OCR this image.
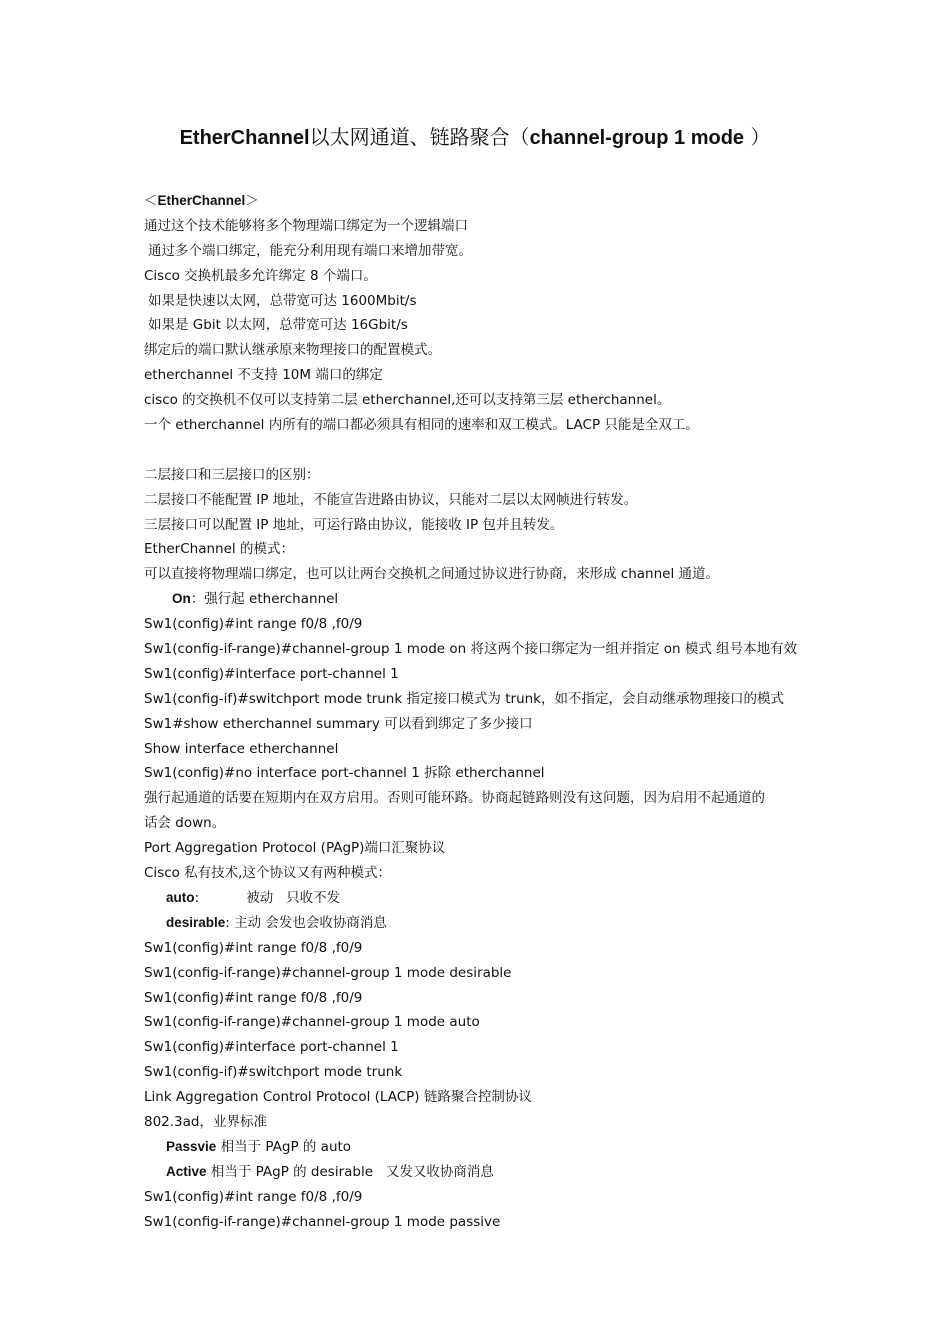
EtherChannel以太网通道、链路聚合（channel-group 1 mode ）
＜EtherChannel＞
通过这个技术能够将多个物理端口绑定为一个逻辑端口
通过多个端口绑定，能充分利用现有端口来增加带宽。
Cisco 交换机最多允许绑定 8 个端口。
如果是快速以太网，总带宽可达 1600Mbit/s
如果是 Gbit 以太网，总带宽可达 16Gbit/s
绑定后的端口默认继承原来物理接口的配置模式。
etherchannel 不支持 10M 端口的绑定
cisco 的交换机不仅可以支持第二层 etherchannel,还可以支持第三层 etherchannel。
一个 etherchannel 内所有的端口都必须具有相同的速率和双工模式。LACP 只能是全双工。
二层接口和三层接口的区别：
二层接口不能配置 IP 地址，不能宣告进路由协议，只能对二层以太网帧进行转发。
三层接口可以配置 IP 地址，可运行路由协议，能接收 IP 包并且转发。
EtherChannel 的模式：
可以直接将物理端口绑定，也可以让两台交换机之间通过协议进行协商，来形成 channel 通道。
On：强行起 etherchannel
Sw1(config)#int range f0/8 ,f0/9
Sw1(config-if-range)#channel-group 1 mode on 将这两个接口绑定为一组并指定 on 模式 组号本地有效
Sw1(config)#interface port-channel 1
Sw1(config-if)#switchport mode trunk 指定接口模式为 trunk，如不指定，会自动继承物理接口的模式
Sw1#show etherchannel summary 可以看到绑定了多少接口
Show interface etherchannel
Sw1(config)#no interface port-channel 1 拆除 etherchannel
强行起通道的话要在短期内在双方启用。否则可能环路。协商起链路则没有这问题，因为启用不起通道的
话会 down。
Port Aggregation Protocol (PAgP)端口汇聚协议
Cisco 私有技术,这个协议又有两种模式：
auto:           被动   只收不发
desirable: 主动 会发也会收协商消息
Sw1(config)#int range f0/8 ,f0/9
Sw1(config-if-range)#channel-group 1 mode desirable
Sw1(config)#int range f0/8 ,f0/9
Sw1(config-if-range)#channel-group 1 mode auto
Sw1(config)#interface port-channel 1
Sw1(config-if)#switchport mode trunk
Link Aggregation Control Protocol (LACP) 链路聚合控制协议
802.3ad，业界标准
Passvie 相当于 PAgP 的 auto
Active 相当于 PAgP 的 desirable   又发又收协商消息
Sw1(config)#int range f0/8 ,f0/9
Sw1(config-if-range)#channel-group 1 mode passive
